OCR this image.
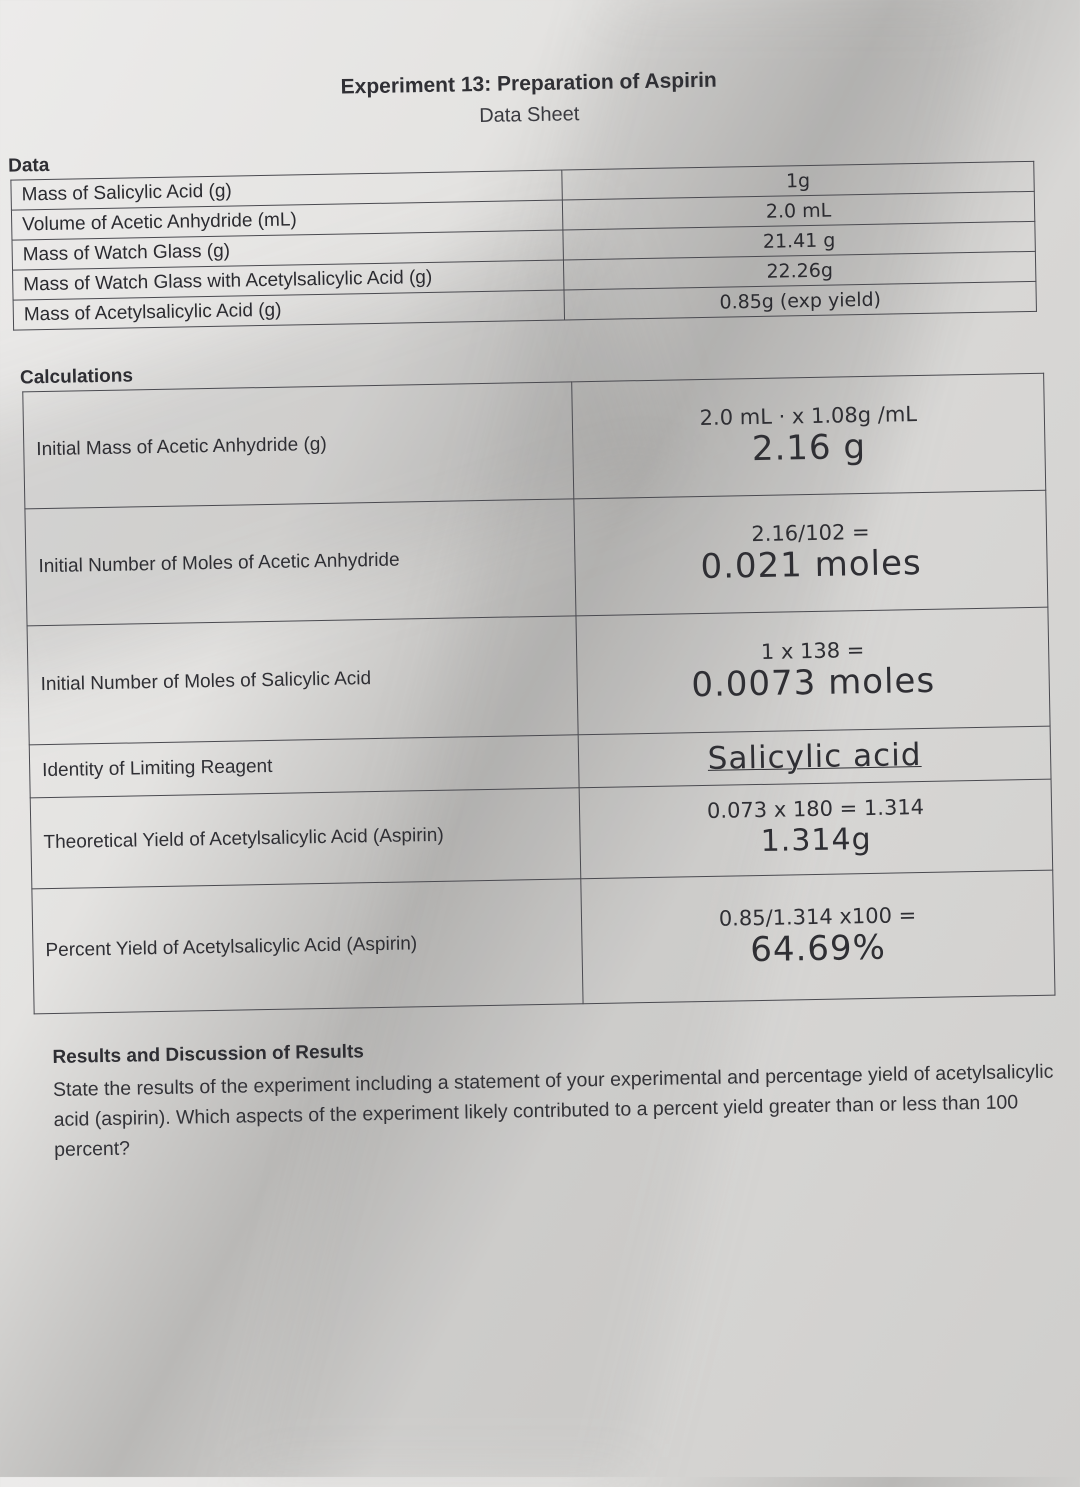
Experiment 13: Preparation of Aspirin
Data Sheet
Data
Mass of Salicylic Acid (g)	1g
Volume of Acetic Anhydride (mL)	2.0 mL
Mass of Watch Glass (g)	21.41 g
Mass of Watch Glass with Acetylsalicylic Acid (g)	22.26g
Mass of Acetylsalicylic Acid (g)	0.85g (exp yield)
Calculations
Initial Mass of Acetic Anhydride (g)	2.0 mL · x 1.08g /mL
2.16 g

Initial Number of Moles of Acetic Anhydride	2.16/102 =
0.021 moles

Initial Number of Moles of Salicylic Acid	1 x 138 =
0.0073 moles

Identity of Limiting Reagent	Salicylic acid
Theoretical Yield of Acetylsalicylic Acid (Aspirin)	0.073 x 180 = 1.314
1.314g

Percent Yield of Acetylsalicylic Acid (Aspirin)	0.85/1.314 x100 =
64.69%
Results and Discussion of Results
State the results of the experiment including a statement of your experimental and percentage yield of acetylsalicylic acid (aspirin). Which aspects of the experiment likely contributed to a percent yield greater than or less than 100 percent?
